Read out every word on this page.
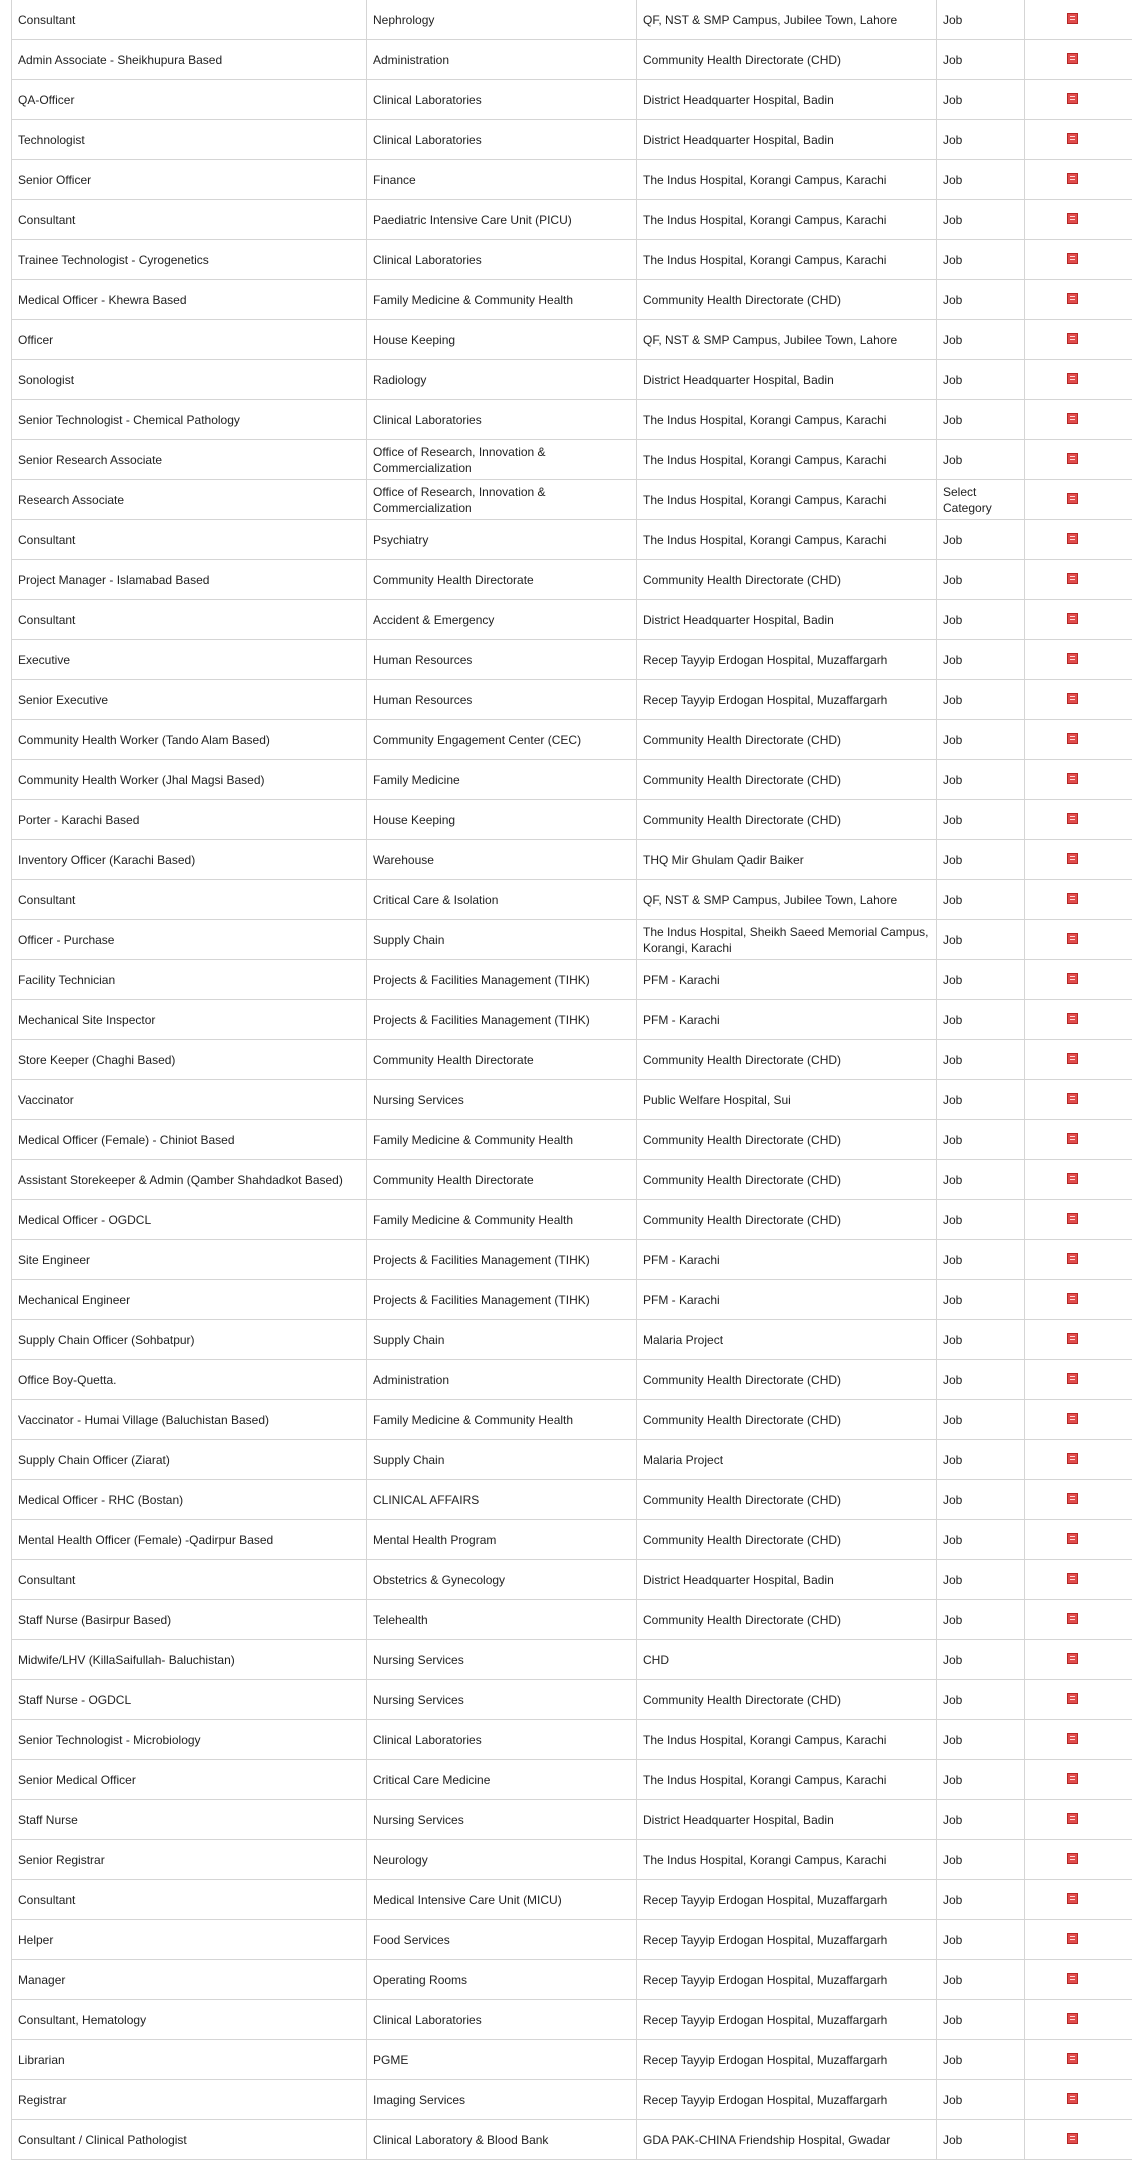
Consultant	Nephrology	QF, NST & SMP Campus, Jubilee Town, Lahore	Job	
Admin Associate - Sheikhupura Based	Administration	Community Health Directorate (CHD)	Job	
QA-Officer	Clinical Laboratories	District Headquarter Hospital, Badin	Job	
Technologist	Clinical Laboratories	District Headquarter Hospital, Badin	Job	
Senior Officer	Finance	The Indus Hospital, Korangi Campus, Karachi	Job	
Consultant	Paediatric Intensive Care Unit (PICU)	The Indus Hospital, Korangi Campus, Karachi	Job	
Trainee Technologist - Cyrogenetics	Clinical Laboratories	The Indus Hospital, Korangi Campus, Karachi	Job	
Medical Officer - Khewra Based	Family Medicine & Community Health	Community Health Directorate (CHD)	Job	
Officer	House Keeping	QF, NST & SMP Campus, Jubilee Town, Lahore	Job	
Sonologist	Radiology	District Headquarter Hospital, Badin	Job	
Senior Technologist - Chemical Pathology	Clinical Laboratories	The Indus Hospital, Korangi Campus, Karachi	Job	
Senior Research Associate	Office of Research, Innovation & Commercialization	The Indus Hospital, Korangi Campus, Karachi	Job	
Research Associate	Office of Research, Innovation & Commercialization	The Indus Hospital, Korangi Campus, Karachi	Select Category	
Consultant	Psychiatry	The Indus Hospital, Korangi Campus, Karachi	Job	
Project Manager - Islamabad Based	Community Health Directorate	Community Health Directorate (CHD)	Job	
Consultant	Accident & Emergency	District Headquarter Hospital, Badin	Job	
Executive	Human Resources	Recep Tayyip Erdogan Hospital, Muzaffargarh	Job	
Senior Executive	Human Resources	Recep Tayyip Erdogan Hospital, Muzaffargarh	Job	
Community Health Worker (Tando Alam Based)	Community Engagement Center (CEC)	Community Health Directorate (CHD)	Job	
Community Health Worker (Jhal Magsi Based)	Family Medicine	Community Health Directorate (CHD)	Job	
Porter - Karachi Based	House Keeping	Community Health Directorate (CHD)	Job	
Inventory Officer (Karachi Based)	Warehouse	THQ Mir Ghulam Qadir Baiker	Job	
Consultant	Critical Care & Isolation	QF, NST & SMP Campus, Jubilee Town, Lahore	Job	
Officer - Purchase	Supply Chain	The Indus Hospital, Sheikh Saeed Memorial Campus, Korangi, Karachi	Job	
Facility Technician	Projects & Facilities Management (TIHK)	PFM - Karachi	Job	
Mechanical Site Inspector	Projects & Facilities Management (TIHK)	PFM - Karachi	Job	
Store Keeper (Chaghi Based)	Community Health Directorate	Community Health Directorate (CHD)	Job	
Vaccinator	Nursing Services	Public Welfare Hospital, Sui	Job	
Medical Officer (Female) - Chiniot Based	Family Medicine & Community Health	Community Health Directorate (CHD)	Job	
Assistant Storekeeper & Admin (Qamber Shahdadkot Based)	Community Health Directorate	Community Health Directorate (CHD)	Job	
Medical Officer - OGDCL	Family Medicine & Community Health	Community Health Directorate (CHD)	Job	
Site Engineer	Projects & Facilities Management (TIHK)	PFM - Karachi	Job	
Mechanical Engineer	Projects & Facilities Management (TIHK)	PFM - Karachi	Job	
Supply Chain Officer (Sohbatpur)	Supply Chain	Malaria Project	Job	
Office Boy-Quetta.	Administration	Community Health Directorate (CHD)	Job	
Vaccinator - Humai Village (Baluchistan Based)	Family Medicine & Community Health	Community Health Directorate (CHD)	Job	
Supply Chain Officer (Ziarat)	Supply Chain	Malaria Project	Job	
Medical Officer - RHC (Bostan)	CLINICAL AFFAIRS	Community Health Directorate (CHD)	Job	
Mental Health Officer (Female) -Qadirpur Based	Mental Health Program	Community Health Directorate (CHD)	Job	
Consultant	Obstetrics & Gynecology	District Headquarter Hospital, Badin	Job	
Staff Nurse (Basirpur Based)	Telehealth	Community Health Directorate (CHD)	Job	
Midwife/LHV (KillaSaifullah- Baluchistan)	Nursing Services	CHD	Job	
Staff Nurse - OGDCL	Nursing Services	Community Health Directorate (CHD)	Job	
Senior Technologist - Microbiology	Clinical Laboratories	The Indus Hospital, Korangi Campus, Karachi	Job	
Senior Medical Officer	Critical Care Medicine	The Indus Hospital, Korangi Campus, Karachi	Job	
Staff Nurse	Nursing Services	District Headquarter Hospital, Badin	Job	
Senior Registrar	Neurology	The Indus Hospital, Korangi Campus, Karachi	Job	
Consultant	Medical Intensive Care Unit (MICU)	Recep Tayyip Erdogan Hospital, Muzaffargarh	Job	
Helper	Food Services	Recep Tayyip Erdogan Hospital, Muzaffargarh	Job	
Manager	Operating Rooms	Recep Tayyip Erdogan Hospital, Muzaffargarh	Job	
Consultant, Hematology	Clinical Laboratories	Recep Tayyip Erdogan Hospital, Muzaffargarh	Job	
Librarian	PGME	Recep Tayyip Erdogan Hospital, Muzaffargarh	Job	
Registrar	Imaging Services	Recep Tayyip Erdogan Hospital, Muzaffargarh	Job	
Consultant / Clinical Pathologist	Clinical Laboratory & Blood Bank	GDA PAK-CHINA Friendship Hospital, Gwadar	Job	
